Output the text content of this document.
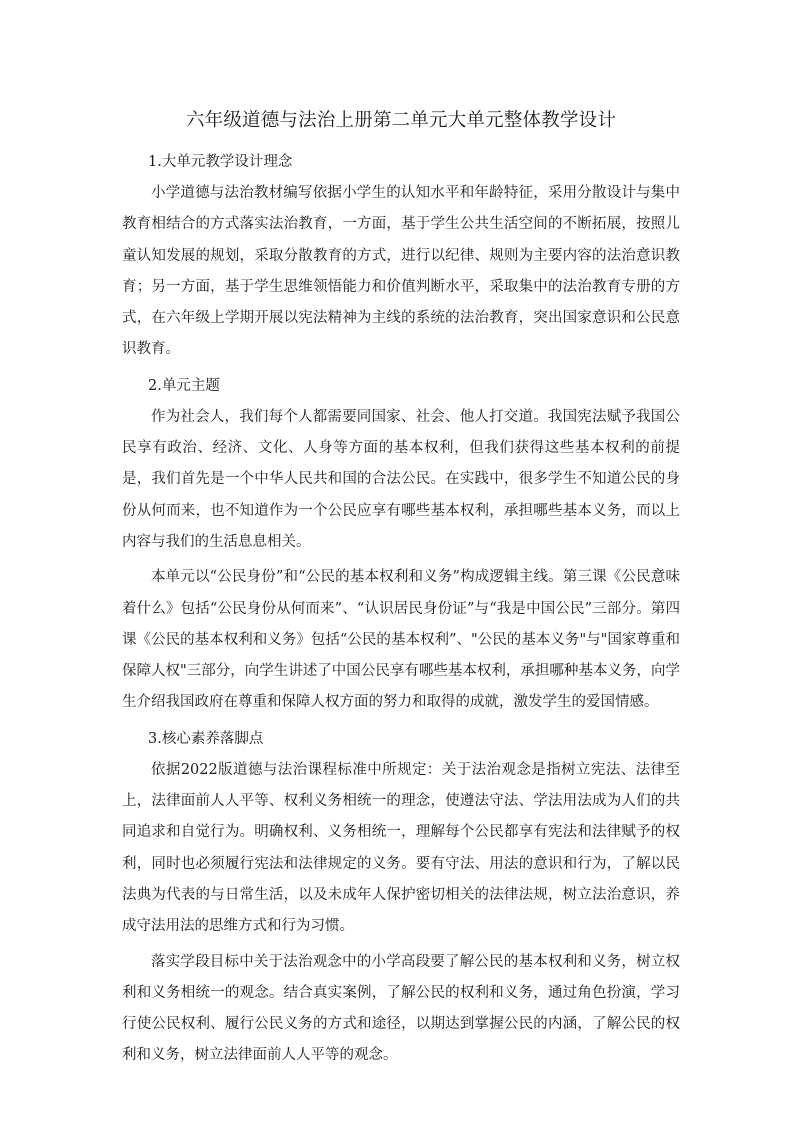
六年级道德与法治上册第二单元大单元整体教学设计

1.大单元教学设计理念

小学道德与法治教材编写依据小学生的认知水平和年龄特征，采用分散设计与集中教育相结合的方式落实法治教育，一方面，基于学生公共生活空间的不断拓展，按照儿童认知发展的规划，采取分散教育的方式，进行以纪律、规则为主要内容的法治意识教育；另一方面，基于学生思维领悟能力和价值判断水平，采取集中的法治教育专册的方式，在六年级上学期开展以宪法精神为主线的系统的法治教育，突出国家意识和公民意识教育。

2.单元主题

作为社会人，我们每个人都需要同国家、社会、他人打交道。我国宪法赋予我国公民享有政治、经济、文化、人身等方面的基本权利，但我们获得这些基本权利的前提是，我们首先是一个中华人民共和国的合法公民。在实践中，很多学生不知道公民的身份从何而来，也不知道作为一个公民应享有哪些基本权利，承担哪些基本义务，而以上内容与我们的生活息息相关。

本单元以“公民身份”和“公民的基本权利和义务”构成逻辑主线。第三课《公民意味着什么》包括“公民身份从何而来”、“认识居民身份证”与“我是中国公民”三部分。第四课《公民的基本权利和义务》包括“公民的基本权利”、"公民的基本义务"与"国家尊重和保障人权"三部分，向学生讲述了中国公民享有哪些基本权利，承担哪种基本义务，向学生介绍我国政府在尊重和保障人权方面的努力和取得的成就，激发学生的爱国情感。

3.核心素养落脚点

依据2022版道德与法治课程标准中所规定：关于法治观念是指树立宪法、法律至上，法律面前人人平等、权利义务相统一的理念，使遵法守法、学法用法成为人们的共同追求和自觉行为。明确权利、义务相统一，理解每个公民都享有宪法和法律赋予的权利，同时也必须履行宪法和法律规定的义务。要有守法、用法的意识和行为，了解以民法典为代表的与日常生活，以及未成年人保护密切相关的法律法规，树立法治意识，养成守法用法的思维方式和行为习惯。

落实学段目标中关于法治观念中的小学高段要了解公民的基本权利和义务，树立权利和义务相统一的观念。结合真实案例，了解公民的权利和义务，通过角色扮演，学习行使公民权利、履行公民义务的方式和途径，以期达到掌握公民的内涵，了解公民的权利和义务，树立法律面前人人平等的观念。
